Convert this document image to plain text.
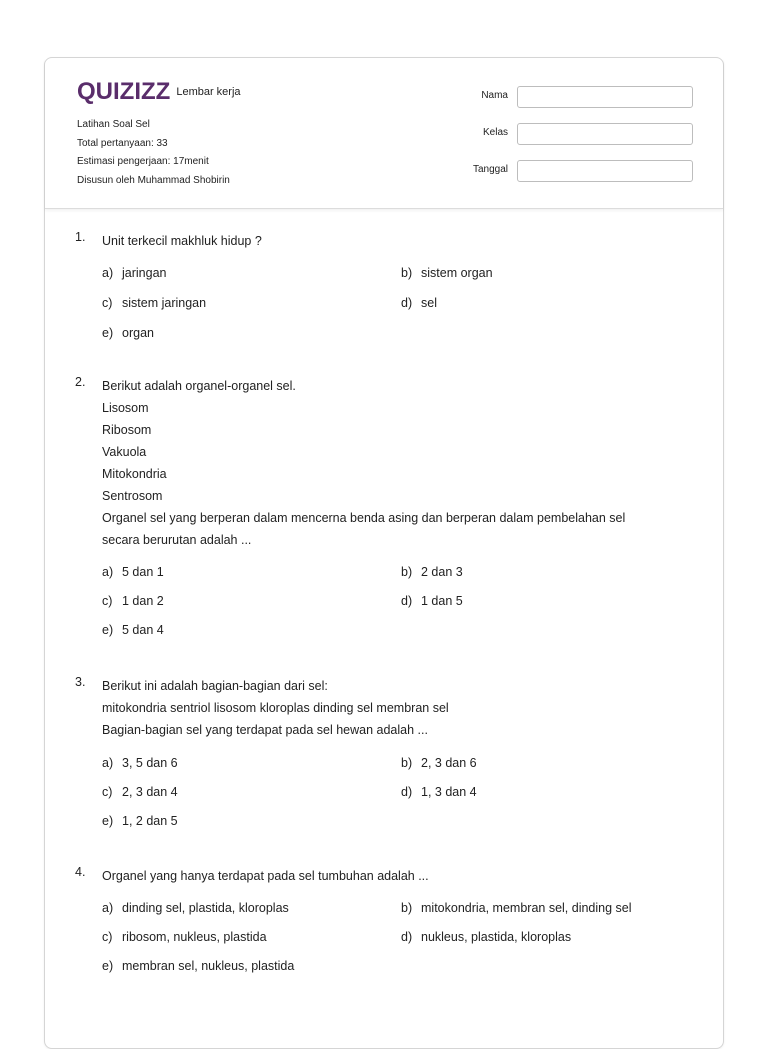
QUIZIZZ Lembar kerja
Latihan Soal Sel
Total pertanyaan: 33
Estimasi pengerjaan: 17menit
Disusun oleh Muhammad Shobirin
Nama
Kelas
Tanggal
1. Unit terkecil makhluk hidup ?
a) jaringan	b) sistem organ
c) sistem jaringan	d) sel
e) organ
2. Berikut adalah organel-organel sel.
Lisosom
Ribosom
Vakuola
Mitokondria
Sentrosom
Organel sel yang berperan dalam mencerna benda asing dan berperan dalam pembelahan sel
secara berurutan adalah ...
a) 5 dan 1	b) 2 dan 3
c) 1 dan 2	d) 1 dan 5
e) 5 dan 4
3. Berikut ini adalah bagian-bagian dari sel:
mitokondria sentriol lisosom kloroplas dinding sel membran sel
Bagian-bagian sel yang terdapat pada sel hewan adalah ...
a) 3, 5 dan 6	b) 2, 3 dan 6
c) 2, 3 dan 4	d) 1, 3 dan 4
e) 1, 2 dan 5
4. Organel yang hanya terdapat pada sel tumbuhan adalah ...
a) dinding sel, plastida, kloroplas	b) mitokondria, membran sel, dinding sel
c) ribosom, nukleus, plastida	d) nukleus, plastida, kloroplas
e) membran sel, nukleus, plastida
